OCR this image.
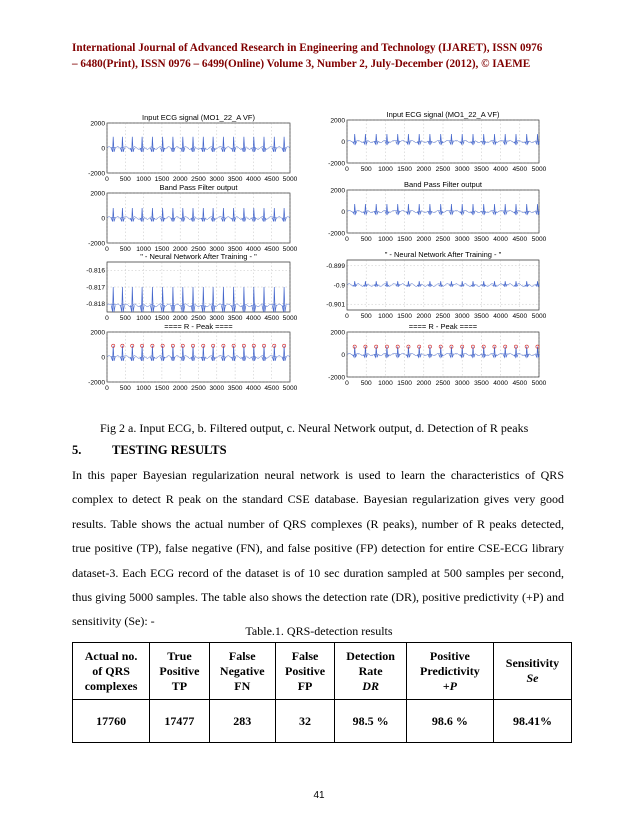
International Journal of Advanced Research in Engineering and Technology (IJARET), ISSN 0976
– 6480(Print), ISSN 0976 – 6499(Online) Volume 3, Number 2, July-December (2012), © IAEME
Input ECG signal (MO1_22_A VF)
0 500 1000 1500 2000 2500 3000 3500 4000 4500 5000
2000
0
-2000
Band Pass Filter output
0 500 1000 1500 2000 2500 3000 3500 4000 4500 5000
2000
0
-2000
" - Neural Network After Training - "
0 500 1000 1500 2000 2500 3000 3500 4000 4500 5000
-0.816
-0.817
-0.818
==== R - Peak ====
0 500 1000 1500 2000 2500 3000 3500 4000 4500 5000
2000
0
-2000
Input ECG signal (MO1_22_A VF)
0 500 1000 1500 2000 2500 3000 3500 4000 4500 5000
2000
0
-2000
Band Pass Filter output
0 500 1000 1500 2000 2500 3000 3500 4000 4500 5000
2000
0
-2000
" - Neural Network After Training - "
0 500 1000 1500 2000 2500 3000 3500 4000 4500 5000
-0.899
-0.9
-0.901
==== R - Peak ====
0 500 1000 1500 2000 2500 3000 3500 4000 4500 5000
2000
0
-2000
Fig 2 a. Input ECG, b. Filtered output, c. Neural Network output, d. Detection of R peaks
5. TESTING RESULTS

In this paper Bayesian regularization neural network is used to learn the characteristics of QRS complex to detect R peak on the standard CSE database. Bayesian regularization gives very good results. Table shows the actual number of QRS complexes (R peaks), number of R peaks detected, true positive (TP), false negative (FN), and false positive (FP) detection for entire CSE-ECG library dataset-3. Each ECG record of the dataset is of 10 sec duration sampled at 500 samples per second, thus giving 5000 samples. The table also shows the detection rate (DR), positive predictivity (+P) and sensitivity (Se): -

Table.1. QRS-detection results
Actual no.
of QRS
complexes	True
Positive
TP	False
Negative
FN	False
Positive
FP	Detection
Rate
DR	Positive
Predictivity
+P	Sensitivity
Se
17760	17477	283	32	98.5 %	98.6 %	98.41%
41
